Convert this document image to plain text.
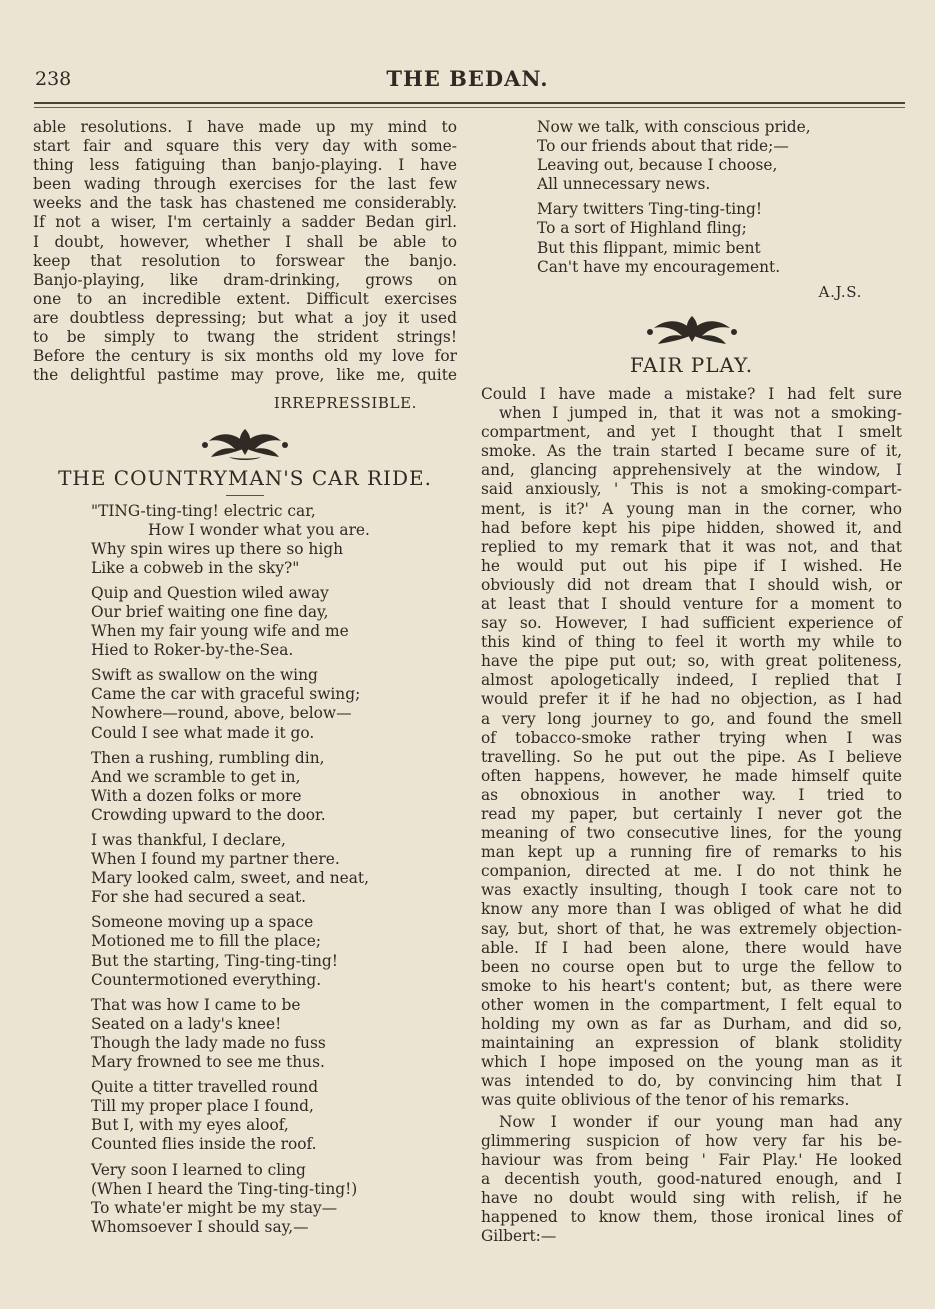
238	THE BEDAN.

able resolutions. I have made up my mind to
start fair and square this very day with some-
thing less fatiguing than banjo-playing. I have
been wading through exercises for the last few
weeks and the task has chastened me considerably.
If not a wiser, I'm certainly a sadder Bedan girl.
I doubt, however, whether I shall be able to
keep that resolution to forswear the banjo.
Banjo-playing, like dram-drinking, grows on
one to an incredible extent. Difficult exercises
are doubtless depressing; but what a joy it used
to be simply to twang the strident strings!
Before the century is six months old my love for
the delightful pastime may prove, like me, quite

IRREPRESSIBLE.
THE COUNTRYMAN'S CAR RIDE.
"TING-ting-ting! electric car,
How I wonder what you are.
Why spin wires up there so high
Like a cobweb in the sky?"
Quip and Question wiled away
Our brief waiting one fine day,
When my fair young wife and me
Hied to Roker-by-the-Sea.
Swift as swallow on the wing
Came the car with graceful swing;
Nowhere—round, above, below—
Could I see what made it go.
Then a rushing, rumbling din,
And we scramble to get in,
With a dozen folks or more
Crowding upward to the door.
I was thankful, I declare,
When I found my partner there.
Mary looked calm, sweet, and neat,
For she had secured a seat.
Someone moving up a space
Motioned me to fill the place;
But the starting, Ting-ting-ting!
Countermotioned everything.
That was how I came to be
Seated on a lady's knee!
Though the lady made no fuss
Mary frowned to see me thus.
Quite a titter travelled round
Till my proper place I found,
But I, with my eyes aloof,
Counted flies inside the roof.
Very soon I learned to cling
(When I heard the Ting-ting-ting!)
To whate'er might be my stay—
Whomsoever I should say,—
Now we talk, with conscious pride,
To our friends about that ride;—
Leaving out, because I choose,
All unnecessary news.
Mary twitters Ting-ting-ting!
To a sort of Highland fling;
But this flippant, mimic bent
Can't have my encouragement.
A.J.S.
FAIR PLAY.

Could I have made a mistake? I had felt sure
when I jumped in, that it was not a smoking-
compartment, and yet I thought that I smelt
smoke. As the train started I became sure of it,
and, glancing apprehensively at the window, I
said anxiously, ' This is not a smoking-compart-
ment, is it?' A young man in the corner, who
had before kept his pipe hidden, showed it, and
replied to my remark that it was not, and that
he would put out his pipe if I wished. He
obviously did not dream that I should wish, or
at least that I should venture for a moment to
say so. However, I had sufficient experience of
this kind of thing to feel it worth my while to
have the pipe put out; so, with great politeness,
almost apologetically indeed, I replied that I
would prefer it if he had no objection, as I had
a very long journey to go, and found the smell
of tobacco-smoke rather trying when I was
travelling. So he put out the pipe. As I believe
often happens, however, he made himself quite
as obnoxious in another way. I tried to
read my paper, but certainly I never got the
meaning of two consecutive lines, for the young
man kept up a running fire of remarks to his
companion, directed at me. I do not think he
was exactly insulting, though I took care not to
know any more than I was obliged of what he did
say, but, short of that, he was extremely objection-
able. If I had been alone, there would have
been no course open but to urge the fellow to
smoke to his heart's content; but, as there were
other women in the compartment, I felt equal to
holding my own as far as Durham, and did so,
maintaining an expression of blank stolidity
which I hope imposed on the young man as it
was intended to do, by convincing him that I
was quite oblivious of the tenor of his remarks.

Now I wonder if our young man had any
glimmering suspicion of how very far his be-
haviour was from being ' Fair Play.' He looked
a decentish youth, good-natured enough, and I
have no doubt would sing with relish, if he
happened to know them, those ironical lines of
Gilbert:—
